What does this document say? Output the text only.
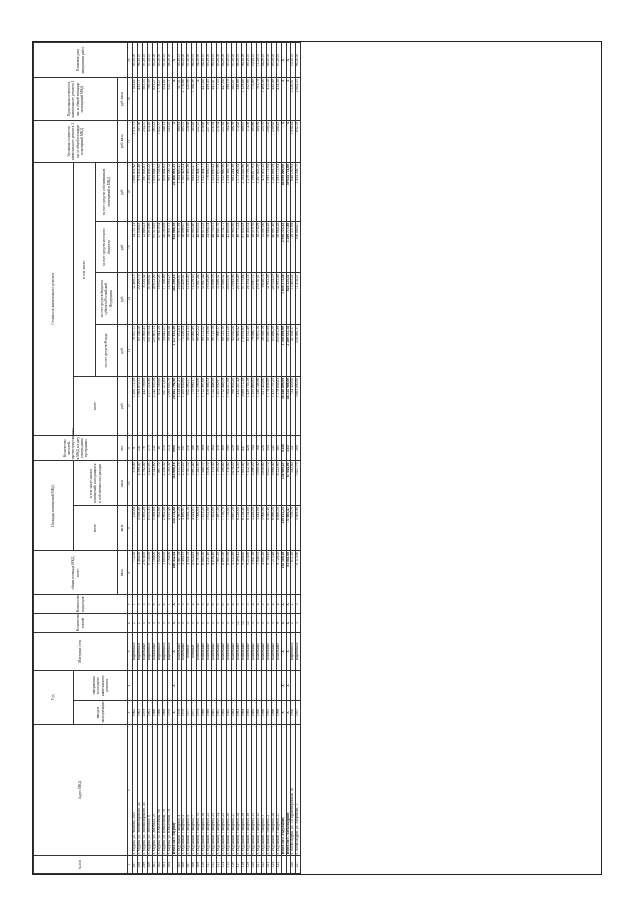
№ п/п	Адрес МКД	Год		Материал стен	Количество этажей	Количество подъездов	общая площадь МКД, всего	Площадь помещений МКД:		Количество жителей, зарегистрированных в МКД на дату утверждения программы	Стоимость капитального ремонта					Удельная стоимость капитального ремонта 1 кв. м общей площади помещений МКД	Предельная стоимость капитального ремонта 1 кв. м общей площади помещений МКД	Плановая дата завершения работ
		ввода в эксплуатацию	завершения последнего капитального ремонта					всего	в том числе жилых помещений, находящихся в собственности граждан		всего	в том числе:						
												за счет средств Фонда	за счет средств бюджета субъекта Российской Федерации	за счет средств местного бюджета	за счет средств собственников помещений в МКД			
							кв.м	кв.м	кв.м	чел.	руб.	руб.	руб.	руб.	руб.	руб./кв.м	руб./кв.м	
1	2	3	4	5	6	7	8	9	10	11	12	13	14	15	16	17	18	19
297	г. Муром, ул. Чкалова, 20А	1962		кирпичные	2	1	772,50	210,00	210,00	9	1 205 772,29	70 557,11	32 460,13	34 721,13	1 068 033,92	5 511,73	7 184,62	05.2016
298	г. Муром, ул. Экземплярского, 43	1961		кирпичные	2	3	4 484,00	4 399,40	4 399,40	241	1 004 870,13	65 788,28	20 209,75	21 038,62	979 833,48	187,56	432,71	06.2015
299	г. Муром, ул. Экземплярского, 45	1979		панельные	5	3	2 678,00	1 893,20	1 792,40	76	443 709,00	25 565,43	8 255,54	12 885,23	397 003,81	234,37	583,33	07.2015
300	г. Муром, ул. Энгельса, 8	1961		кирпичные	4	3	6 145,00	6 075,43	5 422,03	275	2 577 224,90	150 760,34	47 609,82	75 014,90	2 304 838,22	424,20	798,50	07.2015
301	г. Муром, ул. Энгельса, 21	1986		панельные	5	6	7 109,00	5 589,60	5 143,80	232	2 142 333,39	125 461,13	40 013,00	61 515,95	1 935 638,71	383,23	853,27	05.2016
302	г. Муром, ул. Юбилейная, 56	1986		кирпичные	3	2	1 024,00	952,60	867,70	38	974 100,00	56 944,39	18 052,45	27 619,54	871 703,62	1 022,57	1 778,27	05.2016
303	г. Муром, ул. Юбилейная, 76	1969		кирпичные	5	4	3 065,00	2 663,50	2 258,30	210	927 271,83	54 642,21	17 108,90	26 263,09	829 084,63	348,14	554,02	07.2015
304	г. Муром, ул. Юбилейная, 78	1970		кирпичные	5	1	2 164,00	4 197,40	3 785,30	214	1 095 055,70	59 499,58	18 594,23	28 951,11	993 700,72	243,25	532,71	08.2016
	Итого по г. Мурому	Х	Х	Х	Х	Х	140 452,64	124 274,40	116 066,10	6097	20 485 796,96	1 117 015,30	345 290,16	833 088,39	26 366 693,33	Х	Х	Х
305	г. Радужный, 1 квартал, 4	1976		панельные	5	5	2 987,59	2 987,59	2 311,79	147	1 234 247,21	77 972,63	24 689,97	37 911,39	1 164 605,41	390,63	787,51	05.2015
306	г. Радужный, 1 квартал, 5	1976		панельные	5	5	3 495,91	3 495,91	2 353,20	151	1 205 630,00	73 258,24	23 420,02	36 896,97	1 102 423,24	305,31	2 776,86	06.2016
307	г. Радужный, 1 квартал, 6	1977		блочные	5	5	4 026,18	4 026,18	3 781,10	216	652 260,37	38 023,33	12 025,26	18 493,36	583 093,36	128,68	320,06	07.2016
308	г. Радужный, 1 квартал, 7	1977		блочные	5	4	4 024,83	4 024,83	3 961,40	186	775 990,37	45 085,49	14 219,43	22 063,40	694 635,47	183,45	1 768,36	08.2015
309	г. Радужный, 1 квартал, 15	1979		панельные	5	4	8 707,00	7 000,09	7 282,90	356	1 712 299,00	99 002,22	31 667,44	48 055,52	1 532 404,71	222,57	Х	04.2016
310	г. Радужный, 1 квартал, 16	1980		панельные	5	5	8 885,30	7 813,20	7 588,70	369	1 712 397,00	99 113,22	31 687,44	48 015,52	1 532 404,71	218,68	441,84	04.2015
311	г. Радужный, 1 квартал, 22	1980		панельные	5	6	4 247,40	3 812,00	3 636,70	202	876 566,53	50 719,06	16 029,26	24 694,14	776 650,31	227,78	459,43	05.2016
312	г. Радужный, 1 квартал, 23	1981		панельные	5	6	8 838,40	7 823,00	7 315,30	364	1 722 448,59	99 725,10	31 698,33	48 155,51	1 523 630,45	218,54	441,41	09.2015
313	г. Радужный, 1 квартал, 24	1981		панельные	5	5	7 907,20	7 487,50	7 195,50	316	1 203 950,97	77 990,37	31 688,32	48 681,70	1 523 637,96	218,54	771,33	05.2016
314	г. Радужный, 1 квартал, 25	1982		панельные	5	6	8 897,00	7 716,70	7 106,60	369	1 712 448,59	99 725,10	31 688,32	48 152,71	1 532 660,56	221,92	447,04	04.2016
315	г. Радужный, 1 квартал, 26	1982		панельные	5	6	8 601,80	7 735,00	7 318,00	399	1 504 527,68	88 233,20	28 025,91	42 803,09	1 339 395,75	194,50	396,19	05.2015
316	г. Радужный, 1 квартал, 27	1983		панельные	5	4	4 532,80	3 897,20	3 678,20	229	760 953,20	43 010,28	13 694,08	20 985,50	683 284,30	188,39	382,01	07.2016
317	г. Радужный, 1 квартал, 28	1983		панельные	12	5	9 469,42	8 228,60	7 474,30	468	1 432 267,44	82 806,42	26 539,49	40 771,23	1 273 806,54	174,02	348,98	08.2015
318	г. Радужный, 1 квартал, 29	1984		панельные	12	3	9 289,80	8 158,40	7 603,40	447	3 089 171,28	179 976,63	57 173,84	87 852,03	2 764 026,96	380,61	1 329,08	06.2016
319	г. Радужный, 1 квартал, 30	1985		панельные	12	3	9 218,80	8 154,80	7 412,30	428	1 420 755,19	83 152,49	26 354,18	40 454,34	1 270 793,36	174,36	352,96	09.2015
320	г. Радужный, 1 квартал, 31	1985		панельные	5	4	3 947,30	3 428,20	3 298,20	194	1 353 885,93	79 098,77	25 091,71	38 510,76	1 199 817,03	395,66	775,80	10.2015
321	г. Радужный, 1 квартал, 32	1986		панельные	5	4	3 946,53	3 444,00	3 000,00	168	1 349 748,96	78 851,16	25 016,32	38 278,09	1 207 803,26	389,50	783,79	11.2015
322	г. Радужный, 3 квартал, 1	1990		панельные	5	5	4 601,20	3 900,00	3 830,60	228	531 423,00	30 550,19	9 838,78	15 097,06	475 951,32	125,70	1 469,56	04.2015
323	г. Радужный, 3 квартал, 2	1991		панельные	5	6	9 709,40	8 545,40	8 022,70	354	1 779 858,86	103 080,99	32 953,58	50 664,28	1 593 772,04	208,02	413,34	08.2016
324	г. Радужный, 3 квартал, 28	1996		панельные	5	4	7 213,48	6 090,20	5 998,40	242	1 433 751,25	83 496,20	26 554,19	40 661,40	1 283 089,59	230,65	445,49	05.2016
325	г. Радужный, 1 квартал, 27	1999		панельные	9	4	9 728,50	8 860,20	8 222,00	385	1 779 858,83	103 081,99	32 953,58	50 664,28	1 593 772,04	208,41	414,30	07.2015
	Итого по г. Радужному	Х	Х	Х	Х	Х	158 560,28	139 412,25	130 900,63	6358	30 340 899,99	1 768 899,00	1 859 273,38	2 916 723,35	46 899 000,00	Х	Х	Х
	Итого по г. Александрову	Х	Х	Х	Х	Х	83 841,60	71 605,47	67 044,00	3337	44 335 908,00	2 589 331,14	824 325,32	1 269 777,88	39 654 774,00	Х	Х	Х
326	г. Александров, ул. 1-я Правобережная, 18	1956		кирпичные	2	2	611,20	570,70	543,40	24	724 320,00	42 108,37	13 403,24	20 537,69	648 130,64	1 938,24	3 220,07	10.2015
327	г. Александров, ул. Азербаева, 1	1957		кирпичные	3	3	6 115,90	5 905,90	5 821,70	269	3 865 000,00	226 986,37	72 478,21	106 668,87	3 454 208,75	632,35	2 664,53	06.2016
